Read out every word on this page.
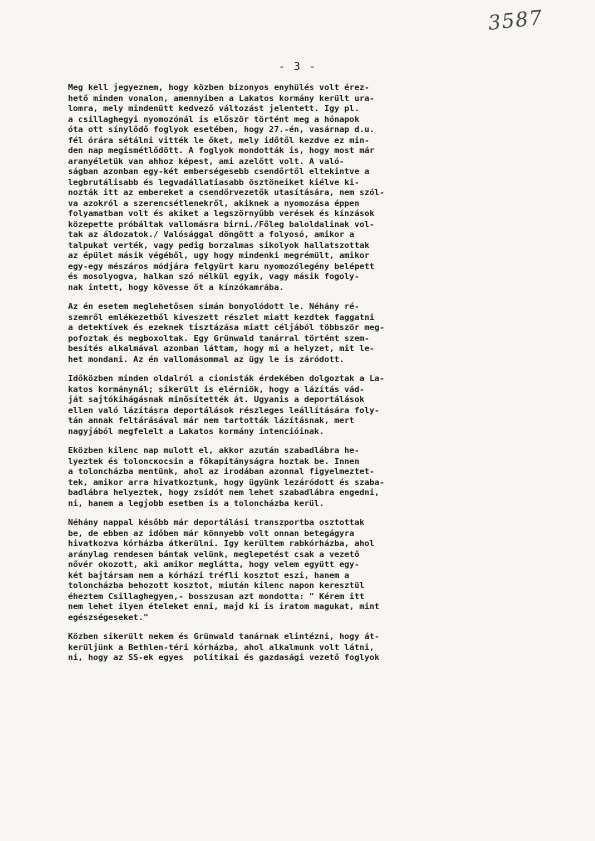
3587
- 3 -
Meg kell jegyeznem, hogy közben bizonyos enyhülés volt érez-
hető minden vonalon, amennyiben a Lakatos kormány került ura-
lomra, mely mindenütt kedvező változást jelentett. Igy pl.
a csillaghegyi nyomozónál is először történt meg a hónapok
óta ott sínylődő foglyok esetében, hogy 27.-én, vasárnap d.u.
fél órára sétálni vitték le őket, mely időtől kezdve ez min-
den nap megismétlődött. A foglyok mondották is, hogy most már
aranyéletük van ahhoz képest, ami azelőtt volt. A való-
ságban azonban egy-két emberségesebb csendőrtől eltekintve a
legbrutálisabb és legvadállatiasabb ösztöneiket kiélve ki-
nozták itt az embereket a csendőrvezetők utasítására, nem szól-
va azokról a szerencsétlenekről, akiknek a nyomozása éppen
folyamatban volt és akiket a legszörnyűbb verések és kínzások
közepette próbáltak vallomásra birni./Főleg baloldalinak vol-
tak az áldozatok./ Valósággal döngött a folyosó, amikor a
talpukat verték, vagy pedig borzalmas sikolyok hallatszottak
az épület másik végéből, ugy hogy mindenki megrémült, amikor
egy-egy mészáros módjára felgyürt karu nyomozólegény belépett
és mosolyogva, halkan szó nélkül egyik, vagy másik fogoly-
nak intett, hogy kövesse őt a kínzókamrába.
Az én esetem meglehetősen simán bonyolódott le. Néhány ré-
szemről emlékezetből kiveszett részlet miatt kezdtek faggatni
a detektívek és ezeknek tisztázása miatt céljából többször meg-
pofoztak és megboxoltak. Egy Grünwald tanárral történt szem-
besítés alkalmával azonban láttam, hogy mi a helyzet, mit le-
het mondani. Az én vallomásommal az ügy le is záródott.
Időközben minden oldalról a cionisták érdekében dolgoztak a La-
katos kormánynál; sikerült is elérniök, hogy a lázítás vád-
ját sajtókihágásnak minősítették át. Ugyanis a deportálások
ellen való lázításra deportálások részleges leállítására foly-
tán annak feltárásával már nem tartották lázításnak, mert
nagyjából megfelelt a Lakatos kormány intencióinak.
Eközben kilenc nap mulott el, akkor azután szabadlábra he-
lyeztek és toloncкocsin a főkapitányságra hoztak be. Innen
a toloncházba mentünk, ahol az irodában azonnal figyelmeztet-
tek, amikor arra hivatkoztunk, hogy ügyünk lezáródott és szaba-
badlábra helyeztek, hogy zsidót nem lehet szabadlábra engedni,
ni, hanem a legjobb esetben is a toloncházba kerül.
Néhány nappal később már deportálási transzportba osztottak
be, de ebben az időben már könnyebb volt onnan betegágyra
hivatkozva kórházba átkerülni. Igy kerültem rabkórházba, ahol
aránylag rendesen bántak velünk, meglepetést csak a vezető
nővér okozott, aki amikor meglátta, hogy velem együtt egy-
két bajtársam nem a kórházi tréfli kosztot eszi, hanem a
toloncházba behozott kosztot, miután kilenc napon keresztül
éheztem Csillaghegyen,- bosszusan azt mondotta: " Kérem itt
nem lehet ilyen ételeket enni, majd ki is iratom magukat, mint
egészségeseket."
Közben sikerült nekem és Grünwald tanárnak elintézni, hogy át-
kerüljünk a Bethlen-téri kórházba, ahol alkalmunk volt látni,
ni, hogy az SS-ek egyes  politikai és gazdasági vezető foglyok
